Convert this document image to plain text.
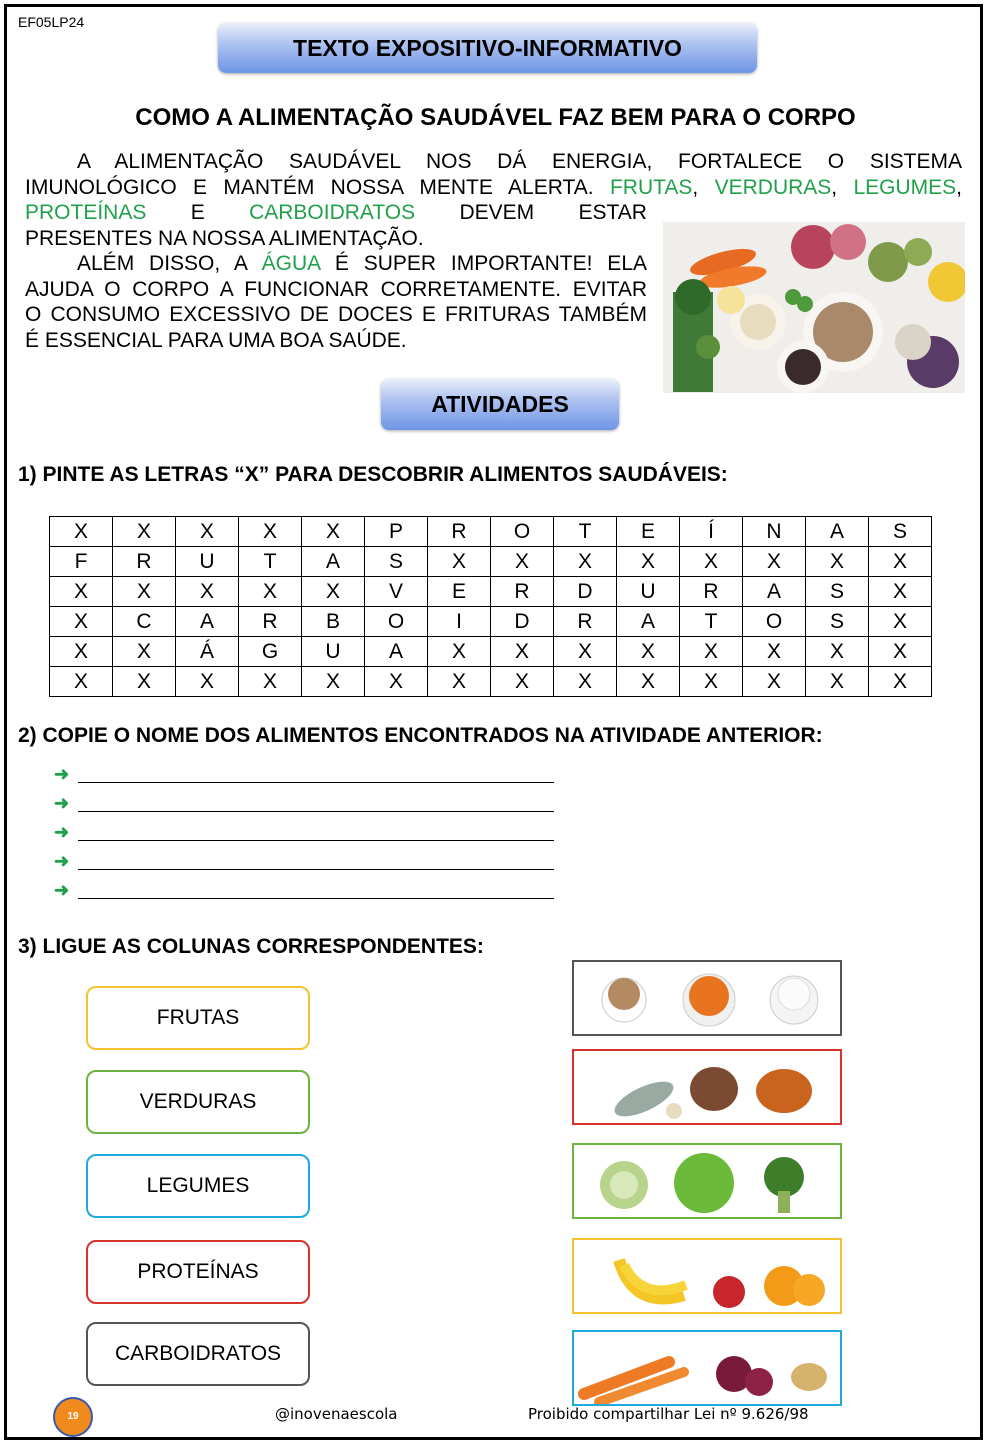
EF05LP24
TEXTO EXPOSITIVO-INFORMATIVO
COMO A ALIMENTAÇÃO SAUDÁVEL FAZ BEM PARA O CORPO
A ALIMENTAÇÃO SAUDÁVEL NOS DÁ ENERGIA, FORTALECE O SISTEMA
IMUNOLÓGICO E MANTÉM NOSSA MENTE ALERTA. FRUTAS, VERDURAS, LEGUMES,
PROTEÍNAS E CARBOIDRATOS DEVEM ESTAR
PRESENTES NA NOSSA ALIMENTAÇÃO.
ALÉM DISSO, A ÁGUA É SUPER IMPORTANTE! ELA
AJUDA O CORPO A FUNCIONAR CORRETAMENTE. EVITAR
O CONSUMO EXCESSIVO DE DOCES E FRITURAS TAMBÉM
É ESSENCIAL PARA UMA BOA SAÚDE.
ATIVIDADES
1) PINTE AS LETRAS “X” PARA DESCOBRIR ALIMENTOS SAUDÁVEIS:
X	X	X	X	X	P	R	O	T	E	Í	N	A	S
F	R	U	T	A	S	X	X	X	X	X	X	X	X
X	X	X	X	X	V	E	R	D	U	R	A	S	X
X	C	A	R	B	O	I	D	R	A	T	O	S	X
X	X	Á	G	U	A	X	X	X	X	X	X	X	X
X	X	X	X	X	X	X	X	X	X	X	X	X	X
2) COPIE O NOME DOS ALIMENTOS ENCONTRADOS NA ATIVIDADE ANTERIOR:
➜
➜
➜
➜
➜
3) LIGUE AS COLUNAS CORRESPONDENTES:
FRUTAS
VERDURAS
LEGUMES
PROTEÍNAS
CARBOIDRATOS
19	@inovenaescola	Proibido compartilhar Lei nº 9.626/98
